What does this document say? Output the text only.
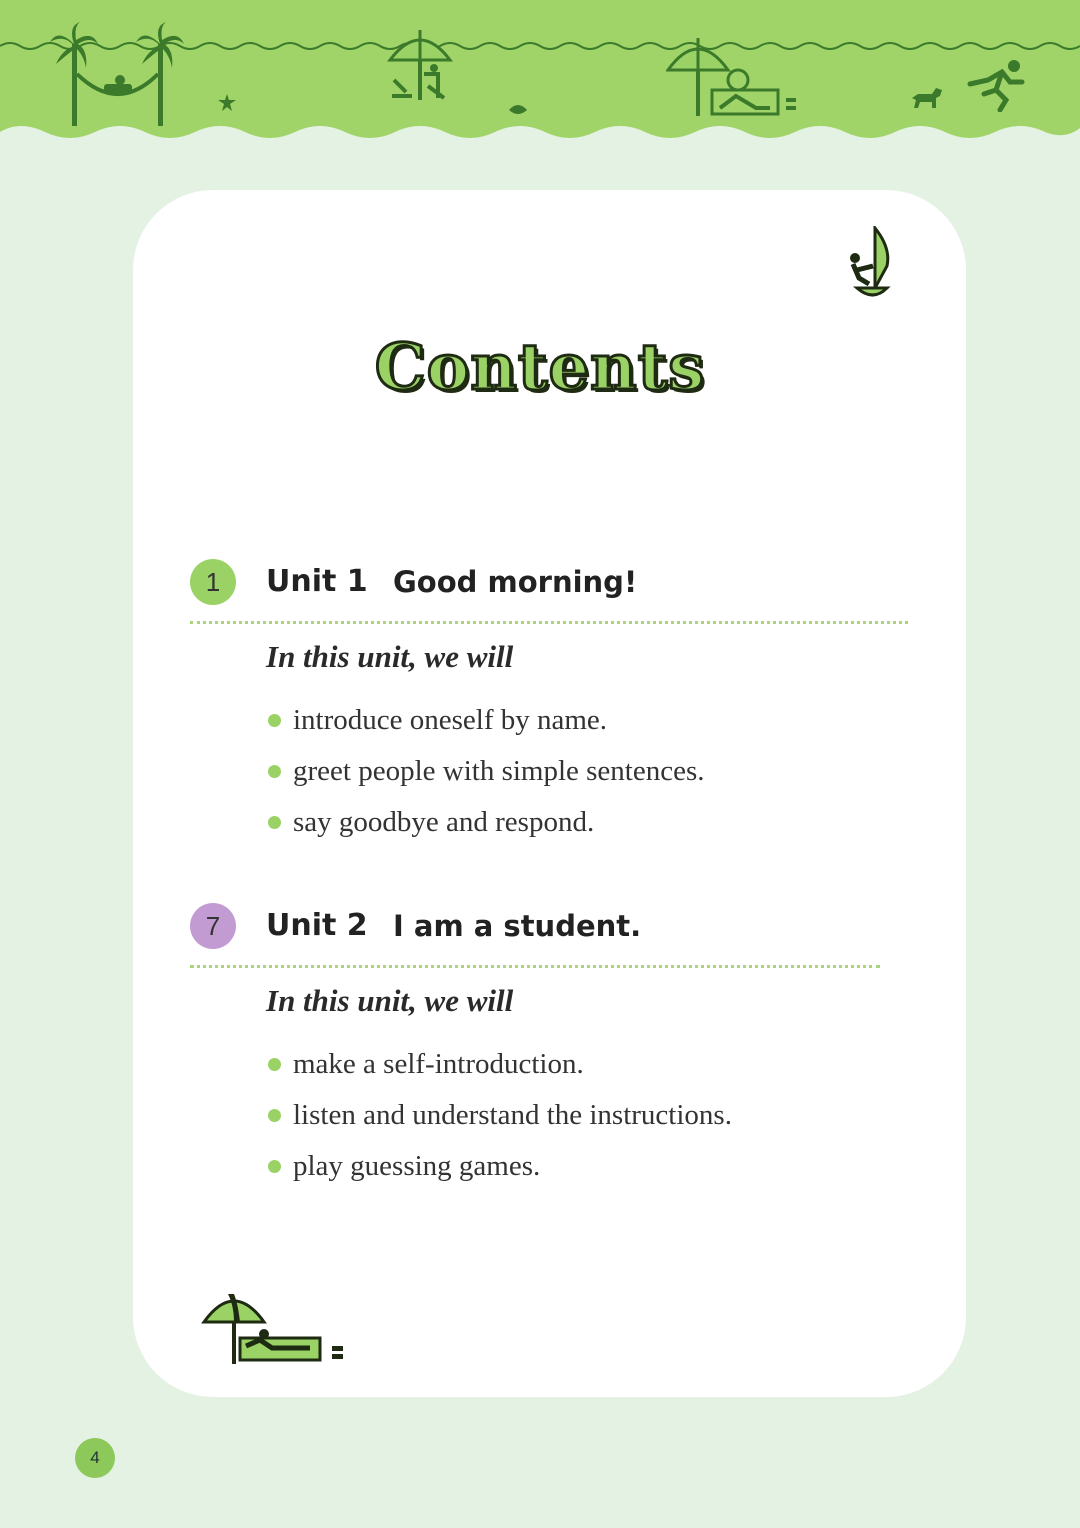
Contents
1	Unit 1 Good morning!
In this unit, we will
introduce oneself by name.
greet people with simple sentences.
say goodbye and respond.
7	Unit 2 I am a student.
In this unit, we will
make a self-introduction.
listen and understand the instructions.
play guessing games.
4
